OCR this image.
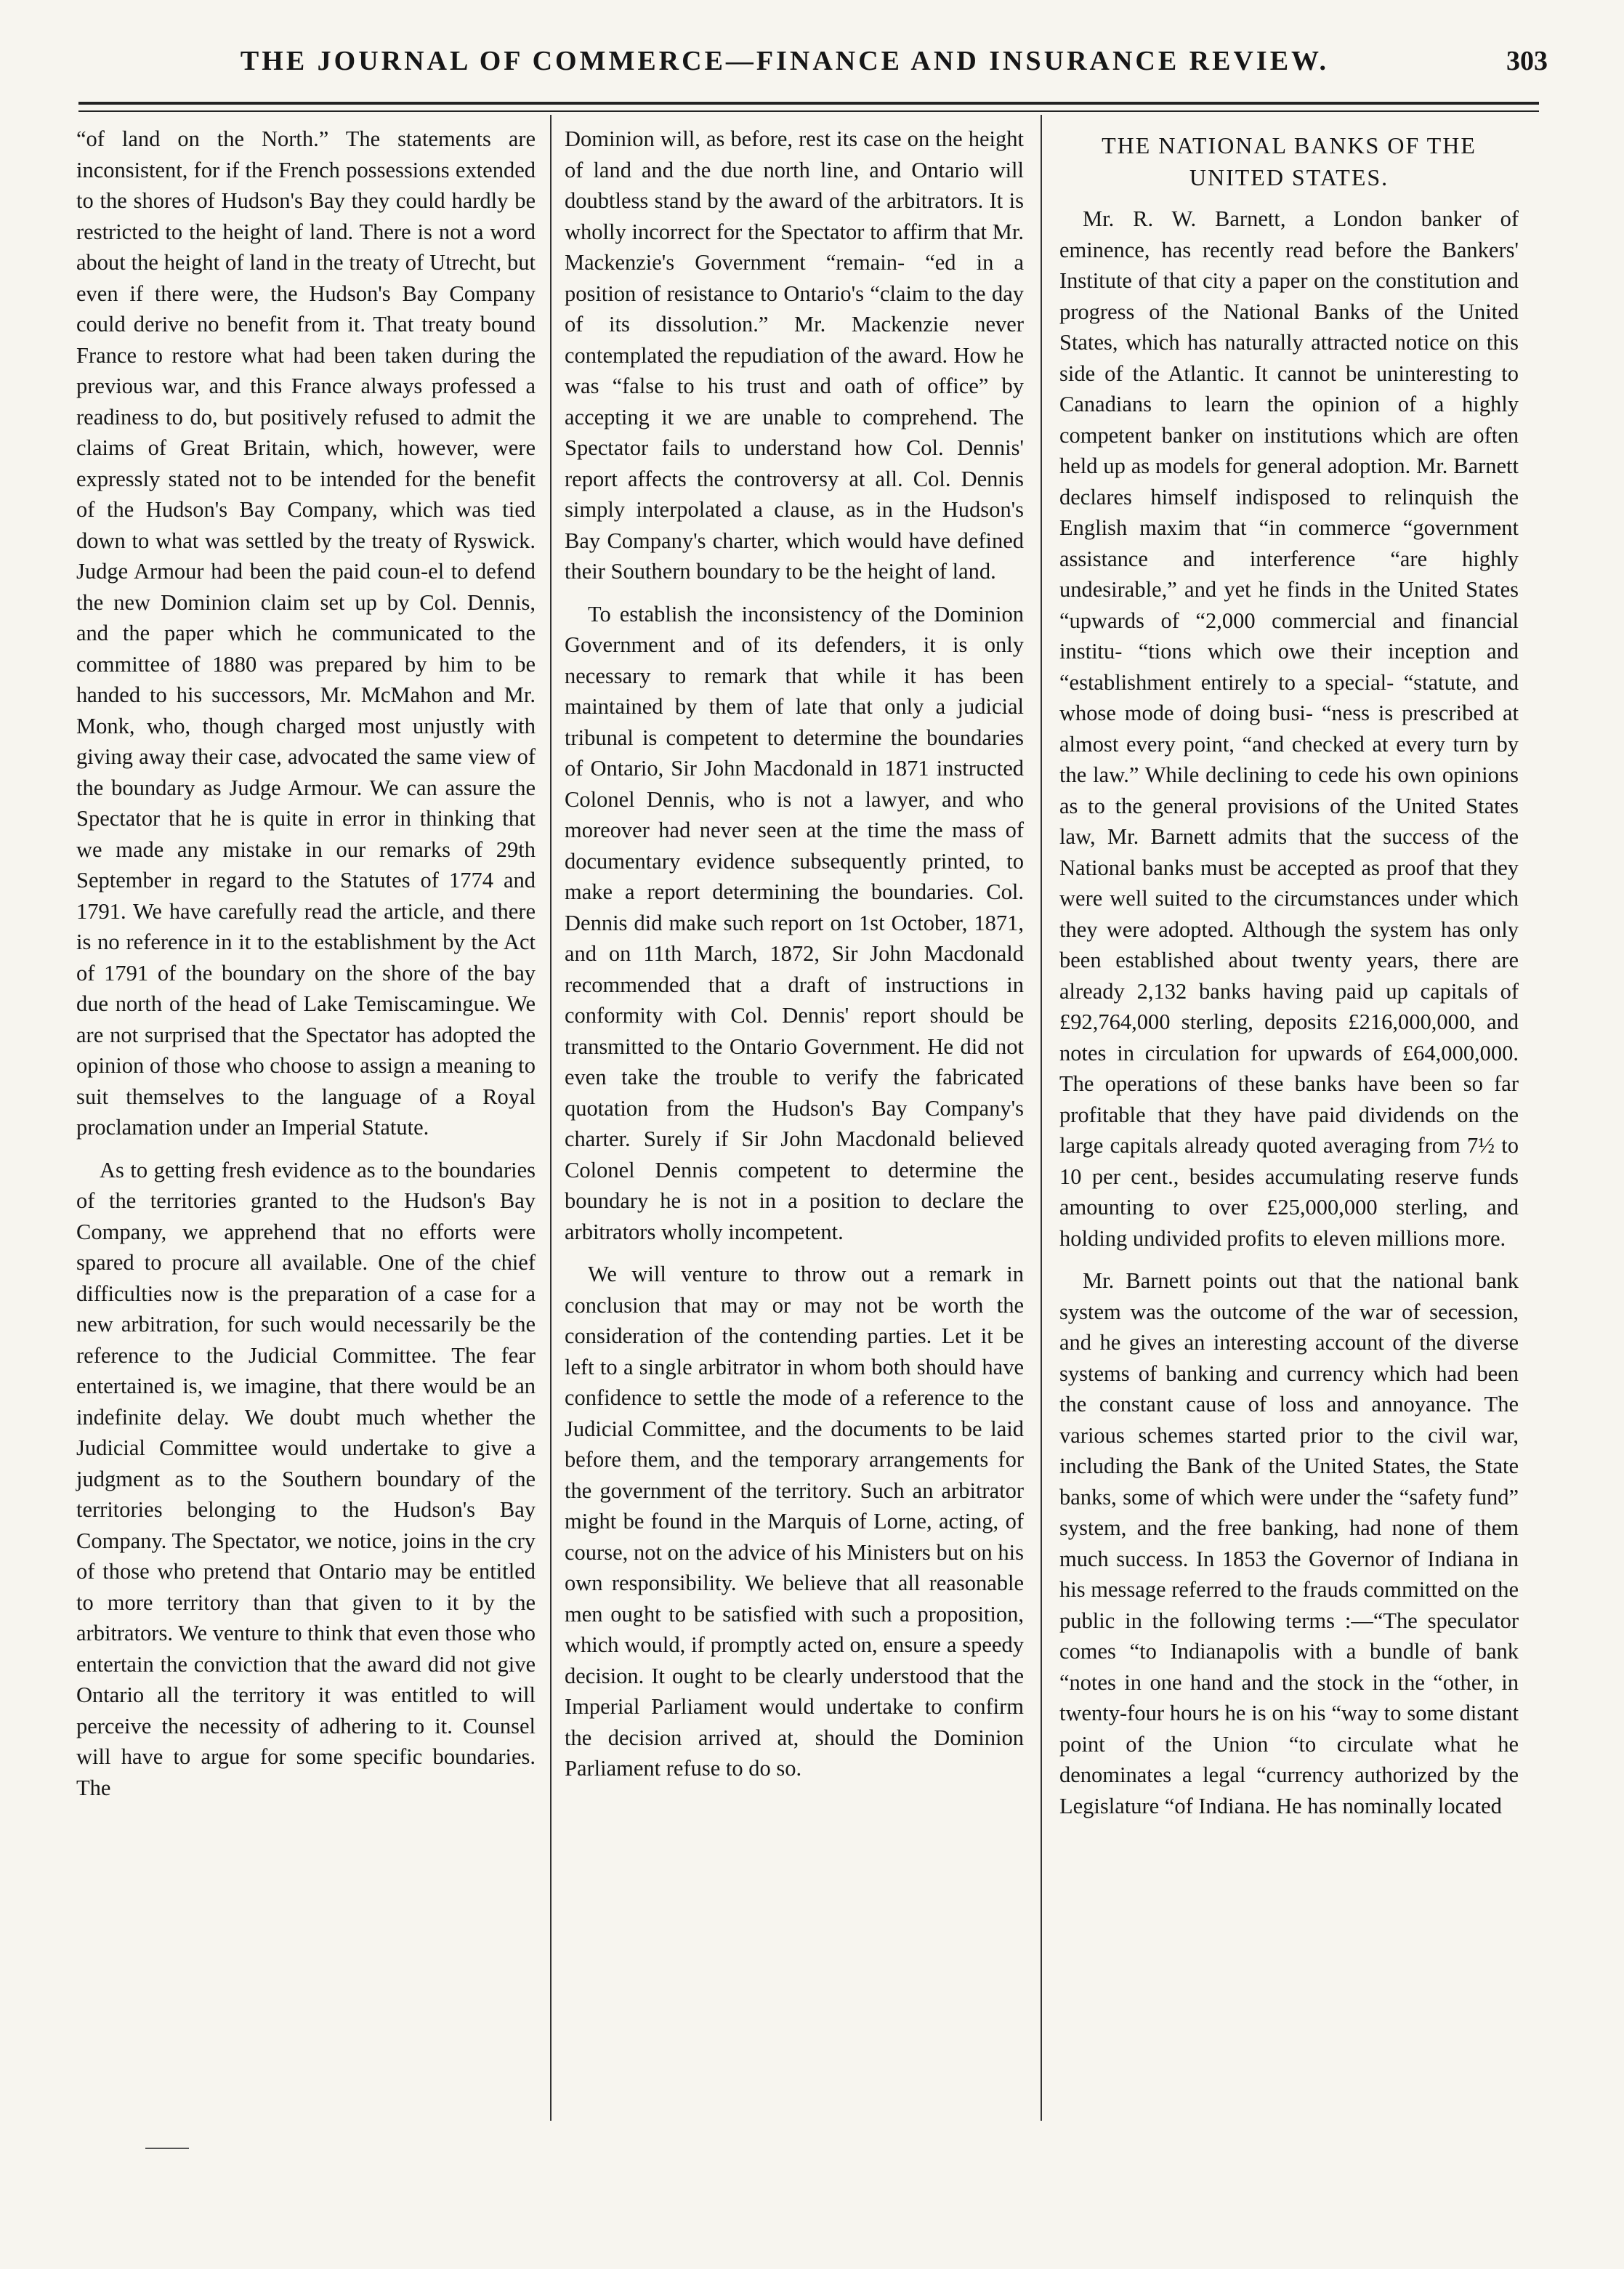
THE JOURNAL OF COMMERCE—FINANCE AND INSURANCE REVIEW.	303

“of land on the North.” The statements are inconsistent, for if the French possessions extended to the shores of Hudson's Bay they could hardly be restricted to the height of land. There is not a word about the height of land in the treaty of Utrecht, but even if there were, the Hudson's Bay Company could derive no benefit from it. That treaty bound France to restore what had been taken during the previous war, and this France always professed a readiness to do, but positively refused to admit the claims of Great Britain, which, however, were expressly stated not to be intended for the benefit of the Hudson's Bay Company, which was tied down to what was settled by the treaty of Ryswick. Judge Armour had been the paid coun‑el to defend the new Dominion claim set up by Col. Dennis, and the paper which he communicated to the committee of 1880 was prepared by him to be handed to his successors, Mr. McMahon and Mr. Monk, who, though charged most unjustly with giving away their case, advocated the same view of the boundary as Judge Armour. We can assure the Spectator that he is quite in error in thinking that we made any mistake in our remarks of 29th September in regard to the Statutes of 1774 and 1791. We have carefully read the article, and there is no reference in it to the establishment by the Act of 1791 of the boundary on the shore of the bay due north of the head of Lake Temiscamingue. We are not surprised that the Spectator has adopted the opinion of those who choose to assign a meaning to suit themselves to the language of a Royal proclamation under an Imperial Statute.

As to getting fresh evidence as to the boundaries of the territories granted to the Hudson's Bay Company, we apprehend that no efforts were spared to procure all available. One of the chief difficulties now is the preparation of a case for a new arbitration, for such would necessarily be the reference to the Judicial Committee. The fear entertained is, we imagine, that there would be an indefinite delay. We doubt much whether the Judicial Committee would undertake to give a judgment as to the Southern boundary of the territories belonging to the Hudson's Bay Company. The Spectator, we notice, joins in the cry of those who pretend that Ontario may be entitled to more territory than that given to it by the arbitrators. We venture to think that even those who entertain the conviction that the award did not give Ontario all the territory it was entitled to will perceive the necessity of adhering to it. Counsel will have to argue for some specific boundaries. The

Dominion will, as before, rest its case on the height of land and the due north line, and Ontario will doubtless stand by the award of the arbitrators. It is wholly incorrect for the Spectator to affirm that Mr. Mackenzie's Government “remain‑ “ed in a position of resistance to Ontario's “claim to the day of its dissolution.” Mr. Mackenzie never contemplated the repudiation of the award. How he was “false to his trust and oath of office” by accepting it we are unable to comprehend. The Spectator fails to understand how Col. Dennis' report affects the controversy at all. Col. Dennis simply interpolated a clause, as in the Hudson's Bay Company's charter, which would have defined their Southern boundary to be the height of land.

To establish the inconsistency of the Dominion Government and of its defenders, it is only necessary to remark that while it has been maintained by them of late that only a judicial tribunal is competent to determine the boundaries of Ontario, Sir John Macdonald in 1871 instructed Colonel Dennis, who is not a lawyer, and who moreover had never seen at the time the mass of documentary evidence subsequently printed, to make a report determining the boundaries. Col. Dennis did make such report on 1st October, 1871, and on 11th March, 1872, Sir John Macdonald recommended that a draft of instructions in conformity with Col. Dennis' report should be transmitted to the Ontario Government. He did not even take the trouble to verify the fabricated quotation from the Hudson's Bay Company's charter. Surely if Sir John Macdonald believed Colonel Dennis competent to determine the boundary he is not in a position to declare the arbitrators wholly incompetent.

We will venture to throw out a remark in conclusion that may or may not be worth the consideration of the contending parties. Let it be left to a single arbitrator in whom both should have confidence to settle the mode of a reference to the Judicial Committee, and the documents to be laid before them, and the temporary arrangements for the government of the territory. Such an arbitrator might be found in the Marquis of Lorne, acting, of course, not on the advice of his Ministers but on his own responsibility. We believe that all reasonable men ought to be satisfied with such a proposition, which would, if promptly acted on, ensure a speedy decision. It ought to be clearly understood that the Imperial Parliament would undertake to confirm the decision arrived at, should the Dominion Parliament refuse to do so.

THE NATIONAL BANKS OF THE UNITED STATES.

Mr. R. W. Barnett, a London banker of eminence, has recently read before the Bankers' Institute of that city a paper on the constitution and progress of the National Banks of the United States, which has naturally attracted notice on this side of the Atlantic. It cannot be uninteresting to Canadians to learn the opinion of a highly competent banker on institutions which are often held up as models for general adoption. Mr. Barnett declares himself indisposed to relinquish the English maxim that “in commerce “government assistance and interference “are highly undesirable,” and yet he finds in the United States “upwards of “2,000 commercial and financial institu‑ “tions which owe their inception and “establishment entirely to a special‑ “statute, and whose mode of doing busi‑ “ness is prescribed at almost every point, “and checked at every turn by the law.” While declining to cede his own opinions as to the general provisions of the United States law, Mr. Barnett admits that the success of the National banks must be accepted as proof that they were well suited to the circumstances under which they were adopted. Although the system has only been established about twenty years, there are already 2,132 banks having paid up capitals of £92,764,000 sterling, deposits £216,000,000, and notes in circulation for upwards of £64,000,000. The operations of these banks have been so far profitable that they have paid dividends on the large capitals already quoted averaging from 7½ to 10 per cent., besides accumulating reserve funds amounting to over £25,000,000 sterling, and holding undivided profits to eleven millions more.

Mr. Barnett points out that the national bank system was the outcome of the war of secession, and he gives an interesting account of the diverse systems of banking and currency which had been the constant cause of loss and annoyance. The various schemes started prior to the civil war, including the Bank of the United States, the State banks, some of which were under the “safety fund” system, and the free banking, had none of them much success. In 1853 the Governor of Indiana in his message referred to the frauds committed on the public in the following terms :—“The speculator comes “to Indianapolis with a bundle of bank “notes in one hand and the stock in the “other, in twenty-four hours he is on his “way to some distant point of the Union “to circulate what he denominates a legal “currency authorized by the Legislature “of Indiana. He has nominally located
